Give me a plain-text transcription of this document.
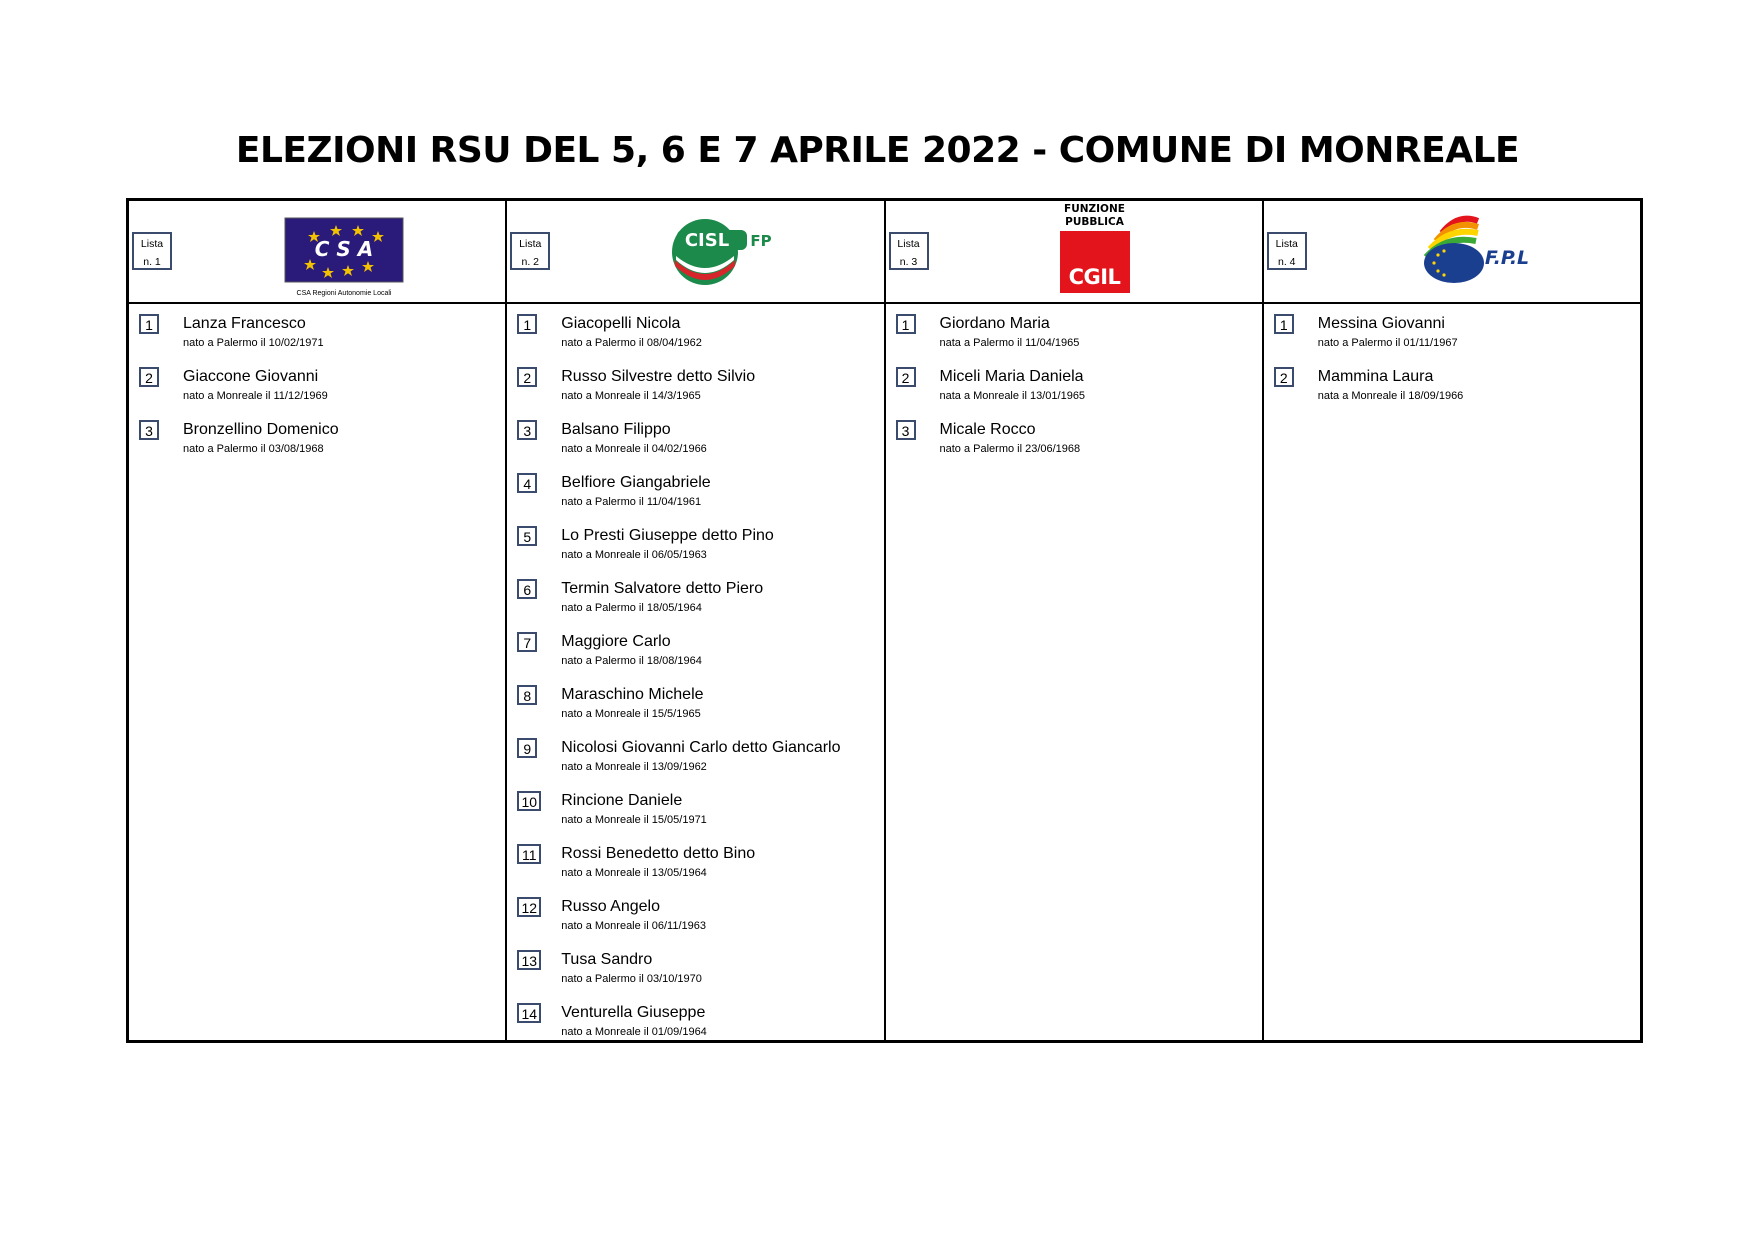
ELEZIONI RSU DEL 5, 6 E 7 APRILE 2022 - COMUNE DI MONREALE
Lista
n. 1
C S A
CSA Regioni Autonomie Locali
1	Lanza Francesco
nato a Palermo il 10/02/1971
2	Giaccone Giovanni
nato a Monreale il 11/12/1969
3	Bronzellino Domenico
nato a Palermo il 03/08/1968
Lista
n. 2
CISL FP
1	Giacopelli Nicola
nato a Palermo il 08/04/1962
2	Russo Silvestre detto Silvio
nato a Monreale il 14/3/1965
3	Balsano Filippo
nato a Monreale il 04/02/1966
4	Belfiore Giangabriele
nato a Palermo il 11/04/1961
5	Lo Presti Giuseppe detto Pino
nato a Monreale il 06/05/1963
6	Termin Salvatore detto Piero
nato a Palermo il 18/05/1964
7	Maggiore Carlo
nato a Palermo il 18/08/1964
8	Maraschino Michele
nato a Monreale il 15/5/1965
9	Nicolosi Giovanni Carlo detto Giancarlo
nato a Monreale il 13/09/1962
10 Rincione Daniele
nato a Monreale il 15/05/1971
11 Rossi Benedetto detto Bino
nato a Monreale il 13/05/1964
12 Russo Angelo
nato a Monreale il 06/11/1963
13 Tusa Sandro
nato a Palermo il 03/10/1970
14 Venturella Giuseppe
nato a Monreale il 01/09/1964
Lista
n. 3
FUNZIONE
PUBBLICA
CGIL
1	Giordano Maria
nata a Palermo il 11/04/1965
2	Miceli Maria Daniela
nata a Monreale il 13/01/1965
3	Micale Rocco
nato a Palermo il 23/06/1968
Lista
n. 4	UIL F.P.L.
1	Messina Giovanni
nato a Palermo il 01/11/1967
2	Mammina Laura
nata a Monreale il 18/09/1966
